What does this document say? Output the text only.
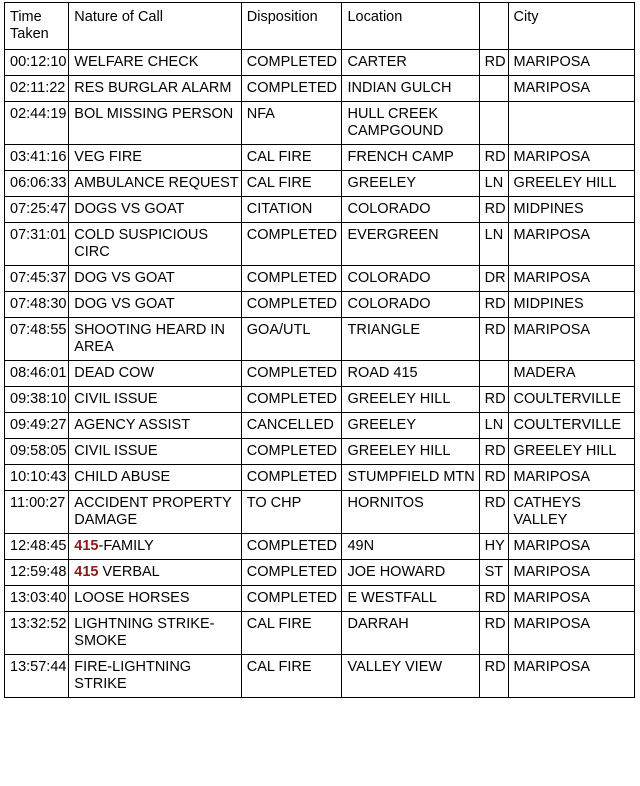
Time Taken	Nature of Call	Disposition	Location		City
00:12:10	WELFARE CHECK	COMPLETED	CARTER	RD	MARIPOSA
02:11:22	RES BURGLAR ALARM	COMPLETED	INDIAN GULCH		MARIPOSA
02:44:19	BOL MISSING PERSON	NFA	HULL CREEK CAMPGOUND		
03:41:16	VEG FIRE	CAL FIRE	FRENCH CAMP	RD	MARIPOSA
06:06:33	AMBULANCE REQUEST	CAL FIRE	GREELEY	LN	GREELEY HILL
07:25:47	DOGS VS GOAT	CITATION	COLORADO	RD	MIDPINES
07:31:01	COLD SUSPICIOUS CIRC	COMPLETED	EVERGREEN	LN	MARIPOSA
07:45:37	DOG VS GOAT	COMPLETED	COLORADO	DR	MARIPOSA
07:48:30	DOG VS GOAT	COMPLETED	COLORADO	RD	MIDPINES
07:48:55	SHOOTING HEARD IN AREA	GOA/UTL	TRIANGLE	RD	MARIPOSA
08:46:01	DEAD COW	COMPLETED	ROAD 415		MADERA
09:38:10	CIVIL ISSUE	COMPLETED	GREELEY HILL	RD	COULTERVILLE
09:49:27	AGENCY ASSIST	CANCELLED	GREELEY	LN	COULTERVILLE
09:58:05	CIVIL ISSUE	COMPLETED	GREELEY HILL	RD	GREELEY HILL
10:10:43	CHILD ABUSE	COMPLETED	STUMPFIELD MTN	RD	MARIPOSA
11:00:27	ACCIDENT PROPERTY DAMAGE	TO CHP	HORNITOS	RD	CATHEYS VALLEY
12:48:45	415-FAMILY	COMPLETED	49N	HY	MARIPOSA
12:59:48	415 VERBAL	COMPLETED	JOE HOWARD	ST	MARIPOSA
13:03:40	LOOSE HORSES	COMPLETED	E WESTFALL	RD	MARIPOSA
13:32:52	LIGHTNING STRIKE-SMOKE	CAL FIRE	DARRAH	RD	MARIPOSA
13:57:44	FIRE-LIGHTNING STRIKE	CAL FIRE	VALLEY VIEW	RD	MARIPOSA
